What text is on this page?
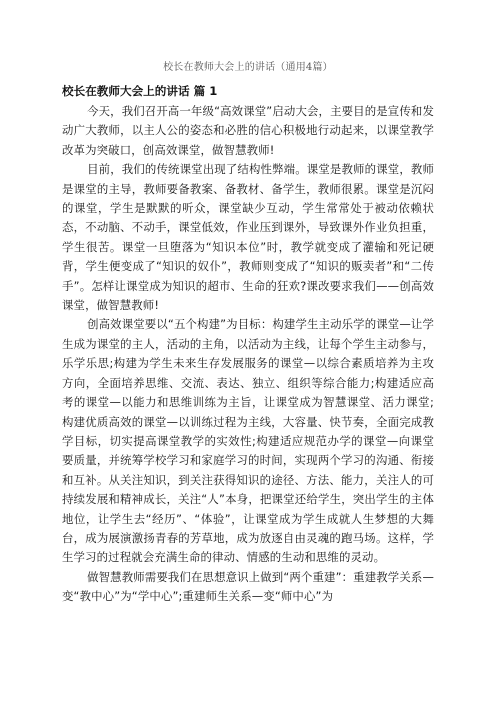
校长在教师大会上的讲话（通用4篇）
校长在教师大会上的讲话 篇 1

今天，我们召开高一年级“高效课堂”启动大会，主要目的是宣传和发动广大教师，以主人公的姿态和必胜的信心积极地行动起来，以课堂教学改革为突破口，创高效课堂，做智慧教师!

目前，我们的传统课堂出现了结构性弊端。课堂是教师的课堂，教师是课堂的主导，教师要备教案、备教材、备学生，教师很累。课堂是沉闷的课堂，学生是默默的听众，课堂缺少互动，学生常常处于被动依赖状态，不动脑、不动手，课堂低效，作业压到课外，导致课外作业负担重，学生很苦。课堂一旦堕落为“知识本位”时，教学就变成了灌输和死记硬背，学生便变成了“知识的奴仆”，教师则变成了“知识的贩卖者”和“二传手”。怎样让课堂成为知识的超市、生命的狂欢?课改要求我们——创高效课堂，做智慧教师!

创高效课堂要以“五个构建”为目标：构建学生主动乐学的课堂—让学生成为课堂的主人，活动的主角，以活动为主线，让每个学生主动参与，乐学乐思;构建为学生未来生存发展服务的课堂—以综合素质培养为主攻方向，全面培养思维、交流、表达、独立、组织等综合能力;构建适应高考的课堂—以能力和思维训练为主旨，让课堂成为智慧课堂、活力课堂;构建优质高效的课堂—以训练过程为主线，大容量、快节奏，全面完成教学目标，切实提高课堂教学的实效性;构建适应规范办学的课堂—向课堂要质量，并统筹学校学习和家庭学习的时间，实现两个学习的沟通、衔接和互补。从关注知识，到关注获得知识的途径、方法、能力，关注人的可持续发展和精神成长，关注“人”本身，把课堂还给学生，突出学生的主体地位，让学生去“经历”、“体验”，让课堂成为学生成就人生梦想的大舞台，成为展演激扬青春的芳草地，成为放逐自由灵魂的跑马场。这样，学生学习的过程就会充满生命的律动、情感的生动和思维的灵动。

做智慧教师需要我们在思想意识上做到“两个重建”：重建教学关系—变“教中心”为“学中心”;重建师生关系—变“师中心”为
